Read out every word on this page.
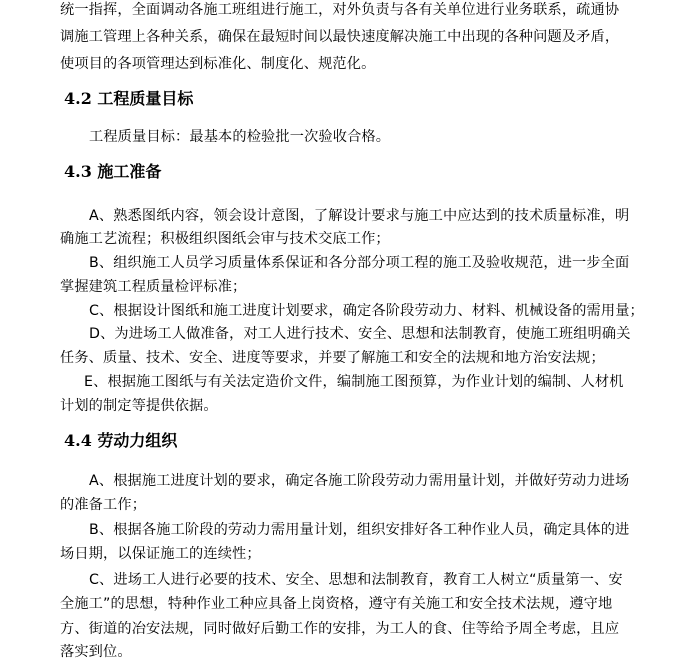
统一指挥，全面调动各施工班组进行施工，对外负责与各有关单位进行业务联系，疏通协
调施工管理上各种关系，确保在最短时间以最快速度解决施工中出现的各种问题及矛盾，
使项目的各项管理达到标准化、制度化、规范化。
4.2 工程质量目标
工程质量目标：最基本的检验批一次验收合格。
4.3 施工准备
A、熟悉图纸内容，领会设计意图，了解设计要求与施工中应达到的技术质量标准，明
确施工艺流程；积极组织图纸会审与技术交底工作；
B、组织施工人员学习质量体系保证和各分部分项工程的施工及验收规范，进一步全面
掌握建筑工程质量检评标准；
C、根据设计图纸和施工进度计划要求，确定各阶段劳动力、材料、机械设备的需用量；
D、为进场工人做准备，对工人进行技术、安全、思想和法制教育，使施工班组明确关
任务、质量、技术、安全、进度等要求，并要了解施工和安全的法规和地方治安法规；
E、根据施工图纸与有关法定造价文件，编制施工图预算，为作业计划的编制、人材机
计划的制定等提供依据。
4.4 劳动力组织
A、根据施工进度计划的要求，确定各施工阶段劳动力需用量计划，并做好劳动力进场
的准备工作；
B、根据各施工阶段的劳动力需用量计划，组织安排好各工种作业人员，确定具体的进
场日期，以保证施工的连续性；
C、进场工人进行必要的技术、安全、思想和法制教育，教育工人树立“质量第一、安
全施工”的思想，特种作业工种应具备上岗资格，遵守有关施工和安全技术法规，遵守地
方、街道的冶安法规，同时做好后勤工作的安排，为工人的食、住等给予周全考虑，且应
落实到位。
